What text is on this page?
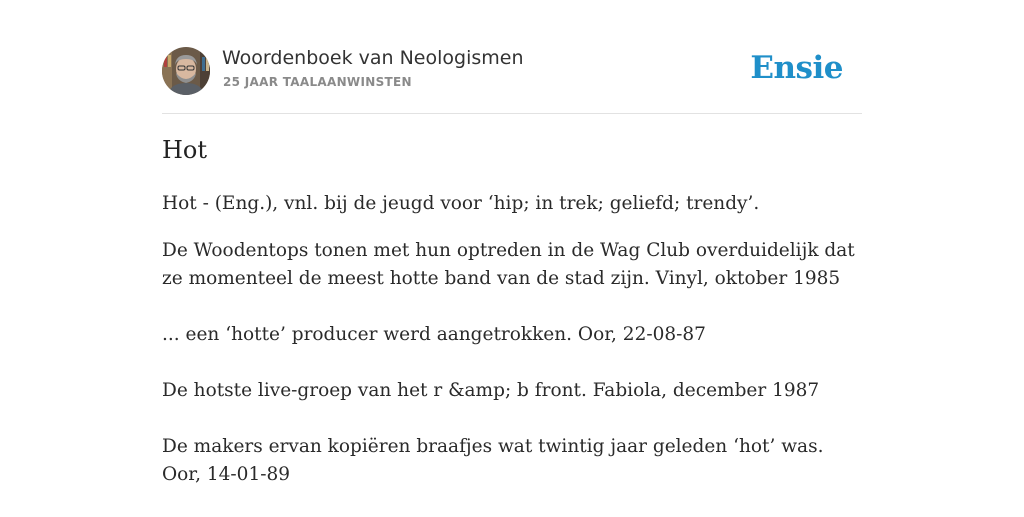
Woordenboek van Neologismen
25 JAAR TAALAANWINSTEN	Ensie
Hot

Hot - (Eng.), vnl. bij de jeugd voor ‘hip; in trek; geliefd; trendy’.

De Woodentops tonen met hun optreden in de Wag Club overduidelijk dat ze momenteel de meest hotte band van de stad zijn. Vinyl, oktober 1985

... een ‘hotte’ producer werd aangetrokken. Oor, 22-08-87

De hotste live-groep van het r &amp; b front. Fabiola, december 1987

De makers ervan kopiëren braafjes wat twintig jaar geleden ‘hot’ was. Oor, 14-01-89
